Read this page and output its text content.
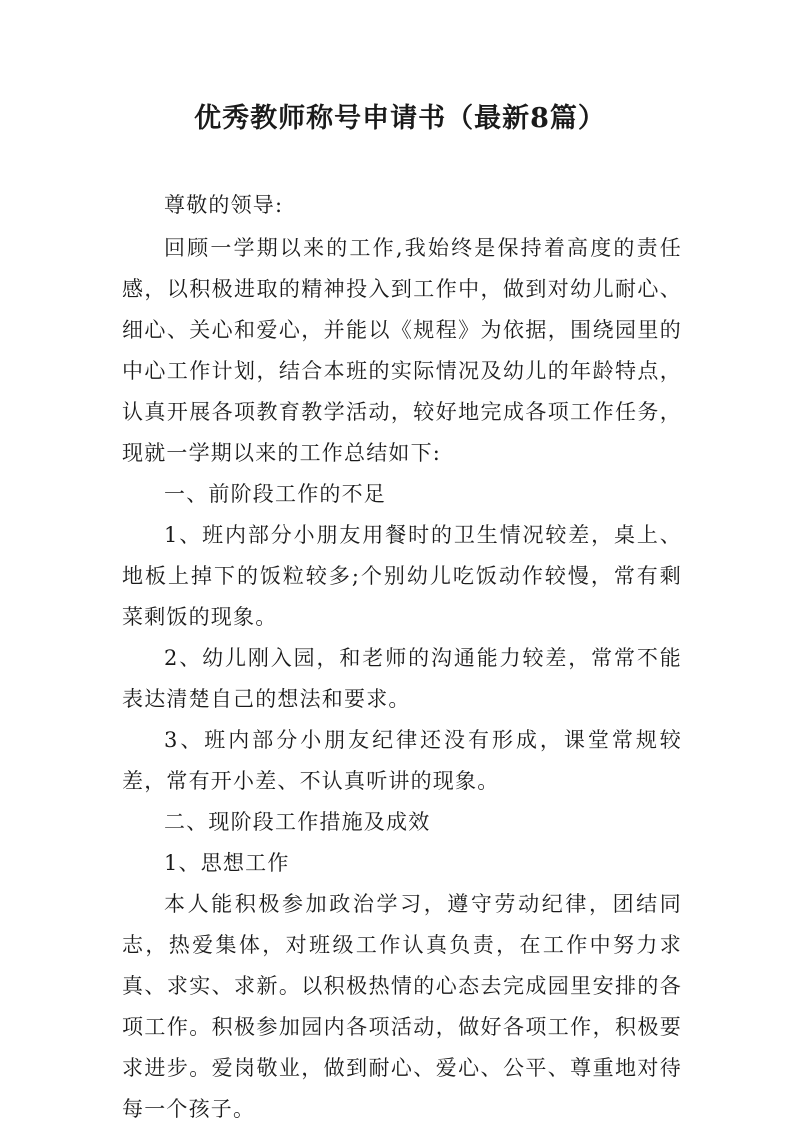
优秀教师称号申请书（最新8篇）

尊敬的领导:

回顾一学期以来的工作,我始终是保持着高度的责任感，以积极进取的精神投入到工作中，做到对幼儿耐心、细心、关心和爱心，并能以《规程》为依据，围绕园里的中心工作计划，结合本班的实际情况及幼儿的年龄特点，认真开展各项教育教学活动，较好地完成各项工作任务，现就一学期以来的工作总结如下:

一、前阶段工作的不足

1、班内部分小朋友用餐时的卫生情况较差，桌上、地板上掉下的饭粒较多;个别幼儿吃饭动作较慢，常有剩菜剩饭的现象。

2、幼儿刚入园，和老师的沟通能力较差，常常不能表达清楚自己的想法和要求。

3、班内部分小朋友纪律还没有形成，课堂常规较差，常有开小差、不认真听讲的现象。

二、现阶段工作措施及成效

1、思想工作

本人能积极参加政治学习，遵守劳动纪律，团结同志，热爱集体，对班级工作认真负责，在工作中努力求真、求实、求新。以积极热情的心态去完成园里安排的各项工作。积极参加园内各项活动，做好各项工作，积极要求进步。爱岗敬业，做到耐心、爱心、公平、尊重地对待每一个孩子。
